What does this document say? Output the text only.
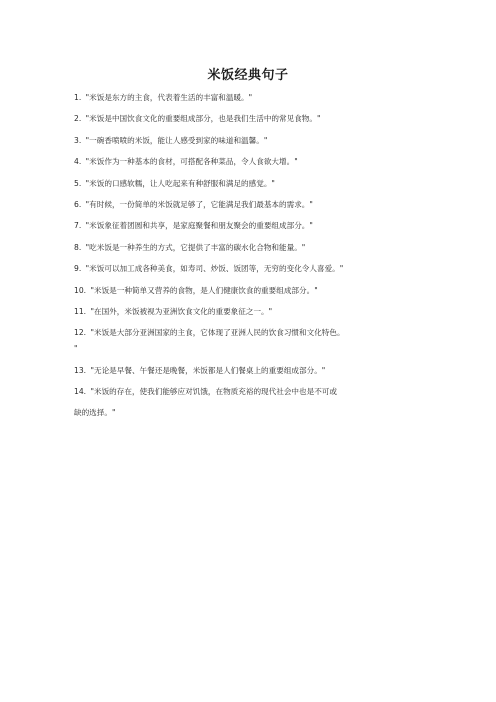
米饭经典句子
1. "米饭是东方的主食，代表着生活的丰富和温暖。"
2. "米饭是中国饮食文化的重要组成部分，也是我们生活中的常见食物。"
3. "一碗香喷喷的米饭，能让人感受到家的味道和温馨。"
4. "米饭作为一种基本的食材，可搭配各种菜品，令人食欲大增。"
5. "米饭的口感软糯，让人吃起来有种舒服和满足的感觉。"
6. "有时候，一份简单的米饭就足够了，它能满足我们最基本的需求。"
7. "米饭象征着团圆和共享，是家庭聚餐和朋友聚会的重要组成部分。"
8. "吃米饭是一种养生的方式，它提供了丰富的碳水化合物和能量。"
9. "米饭可以加工成各种美食，如寿司、炒饭、饭团等，无穷的变化令人喜爱。"
10. "米饭是一种简单又营养的食物，是人们健康饮食的重要组成部分。"
11. "在国外，米饭被视为亚洲饮食文化的重要象征之一。"
12. "米饭是大部分亚洲国家的主食，它体现了亚洲人民的饮食习惯和文化特色。
"
13. "无论是早餐、午餐还是晚餐，米饭都是人们餐桌上的重要组成部分。"
14. "米饭的存在，使我们能够应对饥饿，在物质充裕的现代社会中也是不可或
缺的选择。"
